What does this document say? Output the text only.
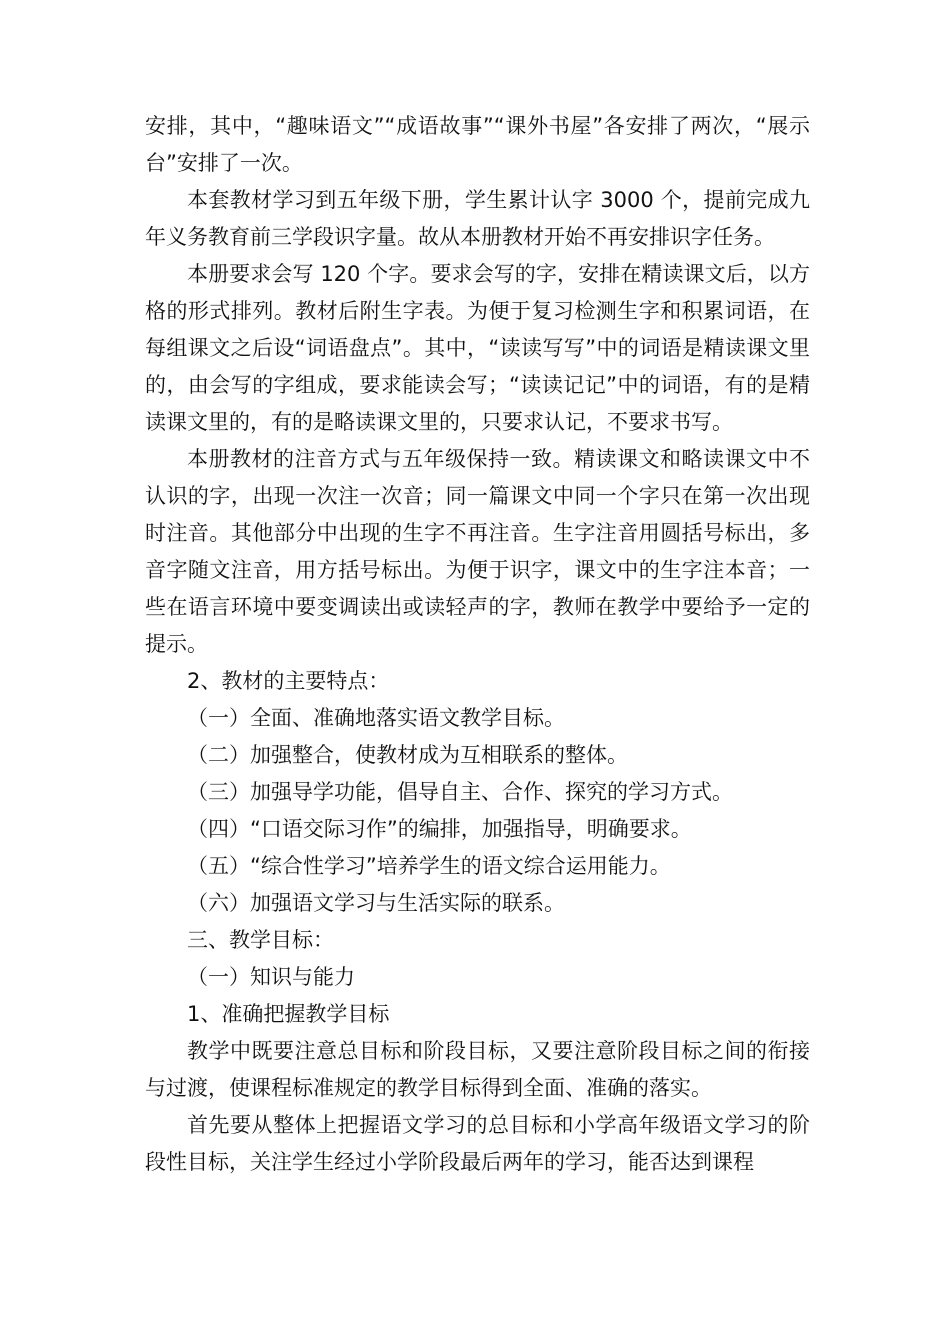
安排，其中，“趣味语文”“成语故事”“课外书屋”各安排了两次，“展示台”安排了一次。

本套教材学习到五年级下册，学生累计认字 3000 个，提前完成九年义务教育前三学段识字量。故从本册教材开始不再安排识字任务。

本册要求会写 120 个字。要求会写的字，安排在精读课文后，以方格的形式排列。教材后附生字表。为便于复习检测生字和积累词语，在每组课文之后设“词语盘点”。其中，“读读写写”中的词语是精读课文里的，由会写的字组成，要求能读会写；“读读记记”中的词语，有的是精读课文里的，有的是略读课文里的，只要求认记，不要求书写。

本册教材的注音方式与五年级保持一致。精读课文和略读课文中不认识的字，出现一次注一次音；同一篇课文中同一个字只在第一次出现时注音。其他部分中出现的生字不再注音。生字注音用圆括号标出，多音字随文注音，用方括号标出。为便于识字，课文中的生字注本音；一些在语言环境中要变调读出或读轻声的字，教师在教学中要给予一定的提示。

2、教材的主要特点：

（一）全面、准确地落实语文教学目标。

（二）加强整合，使教材成为互相联系的整体。

（三）加强导学功能，倡导自主、合作、探究的学习方式。

（四）“口语交际习作”的编排，加强指导，明确要求。

（五）“综合性学习”培养学生的语文综合运用能力。

（六）加强语文学习与生活实际的联系。

三、教学目标：

（一）知识与能力

1、准确把握教学目标

教学中既要注意总目标和阶段目标，又要注意阶段目标之间的衔接与过渡，使课程标准规定的教学目标得到全面、准确的落实。

首先要从整体上把握语文学习的总目标和小学高年级语文学习的阶段性目标，关注学生经过小学阶段最后两年的学习，能否达到课程
